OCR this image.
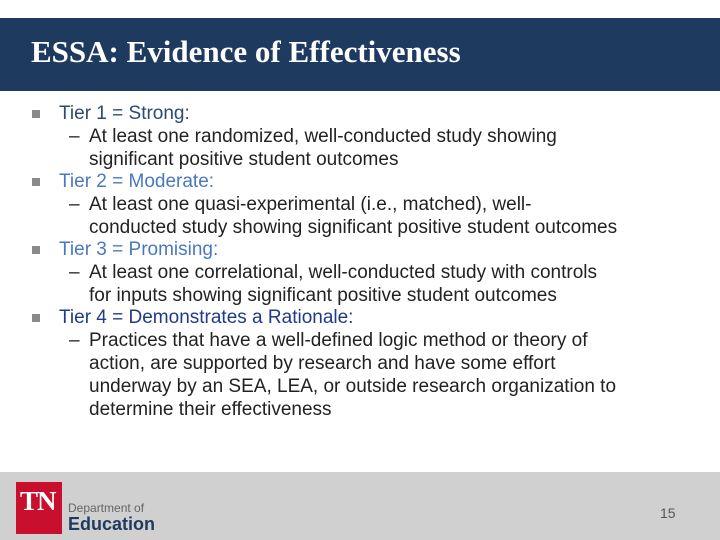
ESSA: Evidence of Effectiveness
Tier 1 = Strong:
– At least one randomized, well-conducted study showing
significant positive student outcomes
Tier 2 = Moderate:
– At least one quasi-experimental (i.e., matched), well-
conducted study showing significant positive student outcomes
Tier 3 = Promising:
– At least one correlational, well-conducted study with controls
for inputs showing significant positive student outcomes
Tier 4 = Demonstrates a Rationale:
– Practices that have a well-defined logic method or theory of
action, are supported by research and have some effort
underway by an SEA, LEA, or outside research organization to
determine their effectiveness
TN Department of
Education
15
